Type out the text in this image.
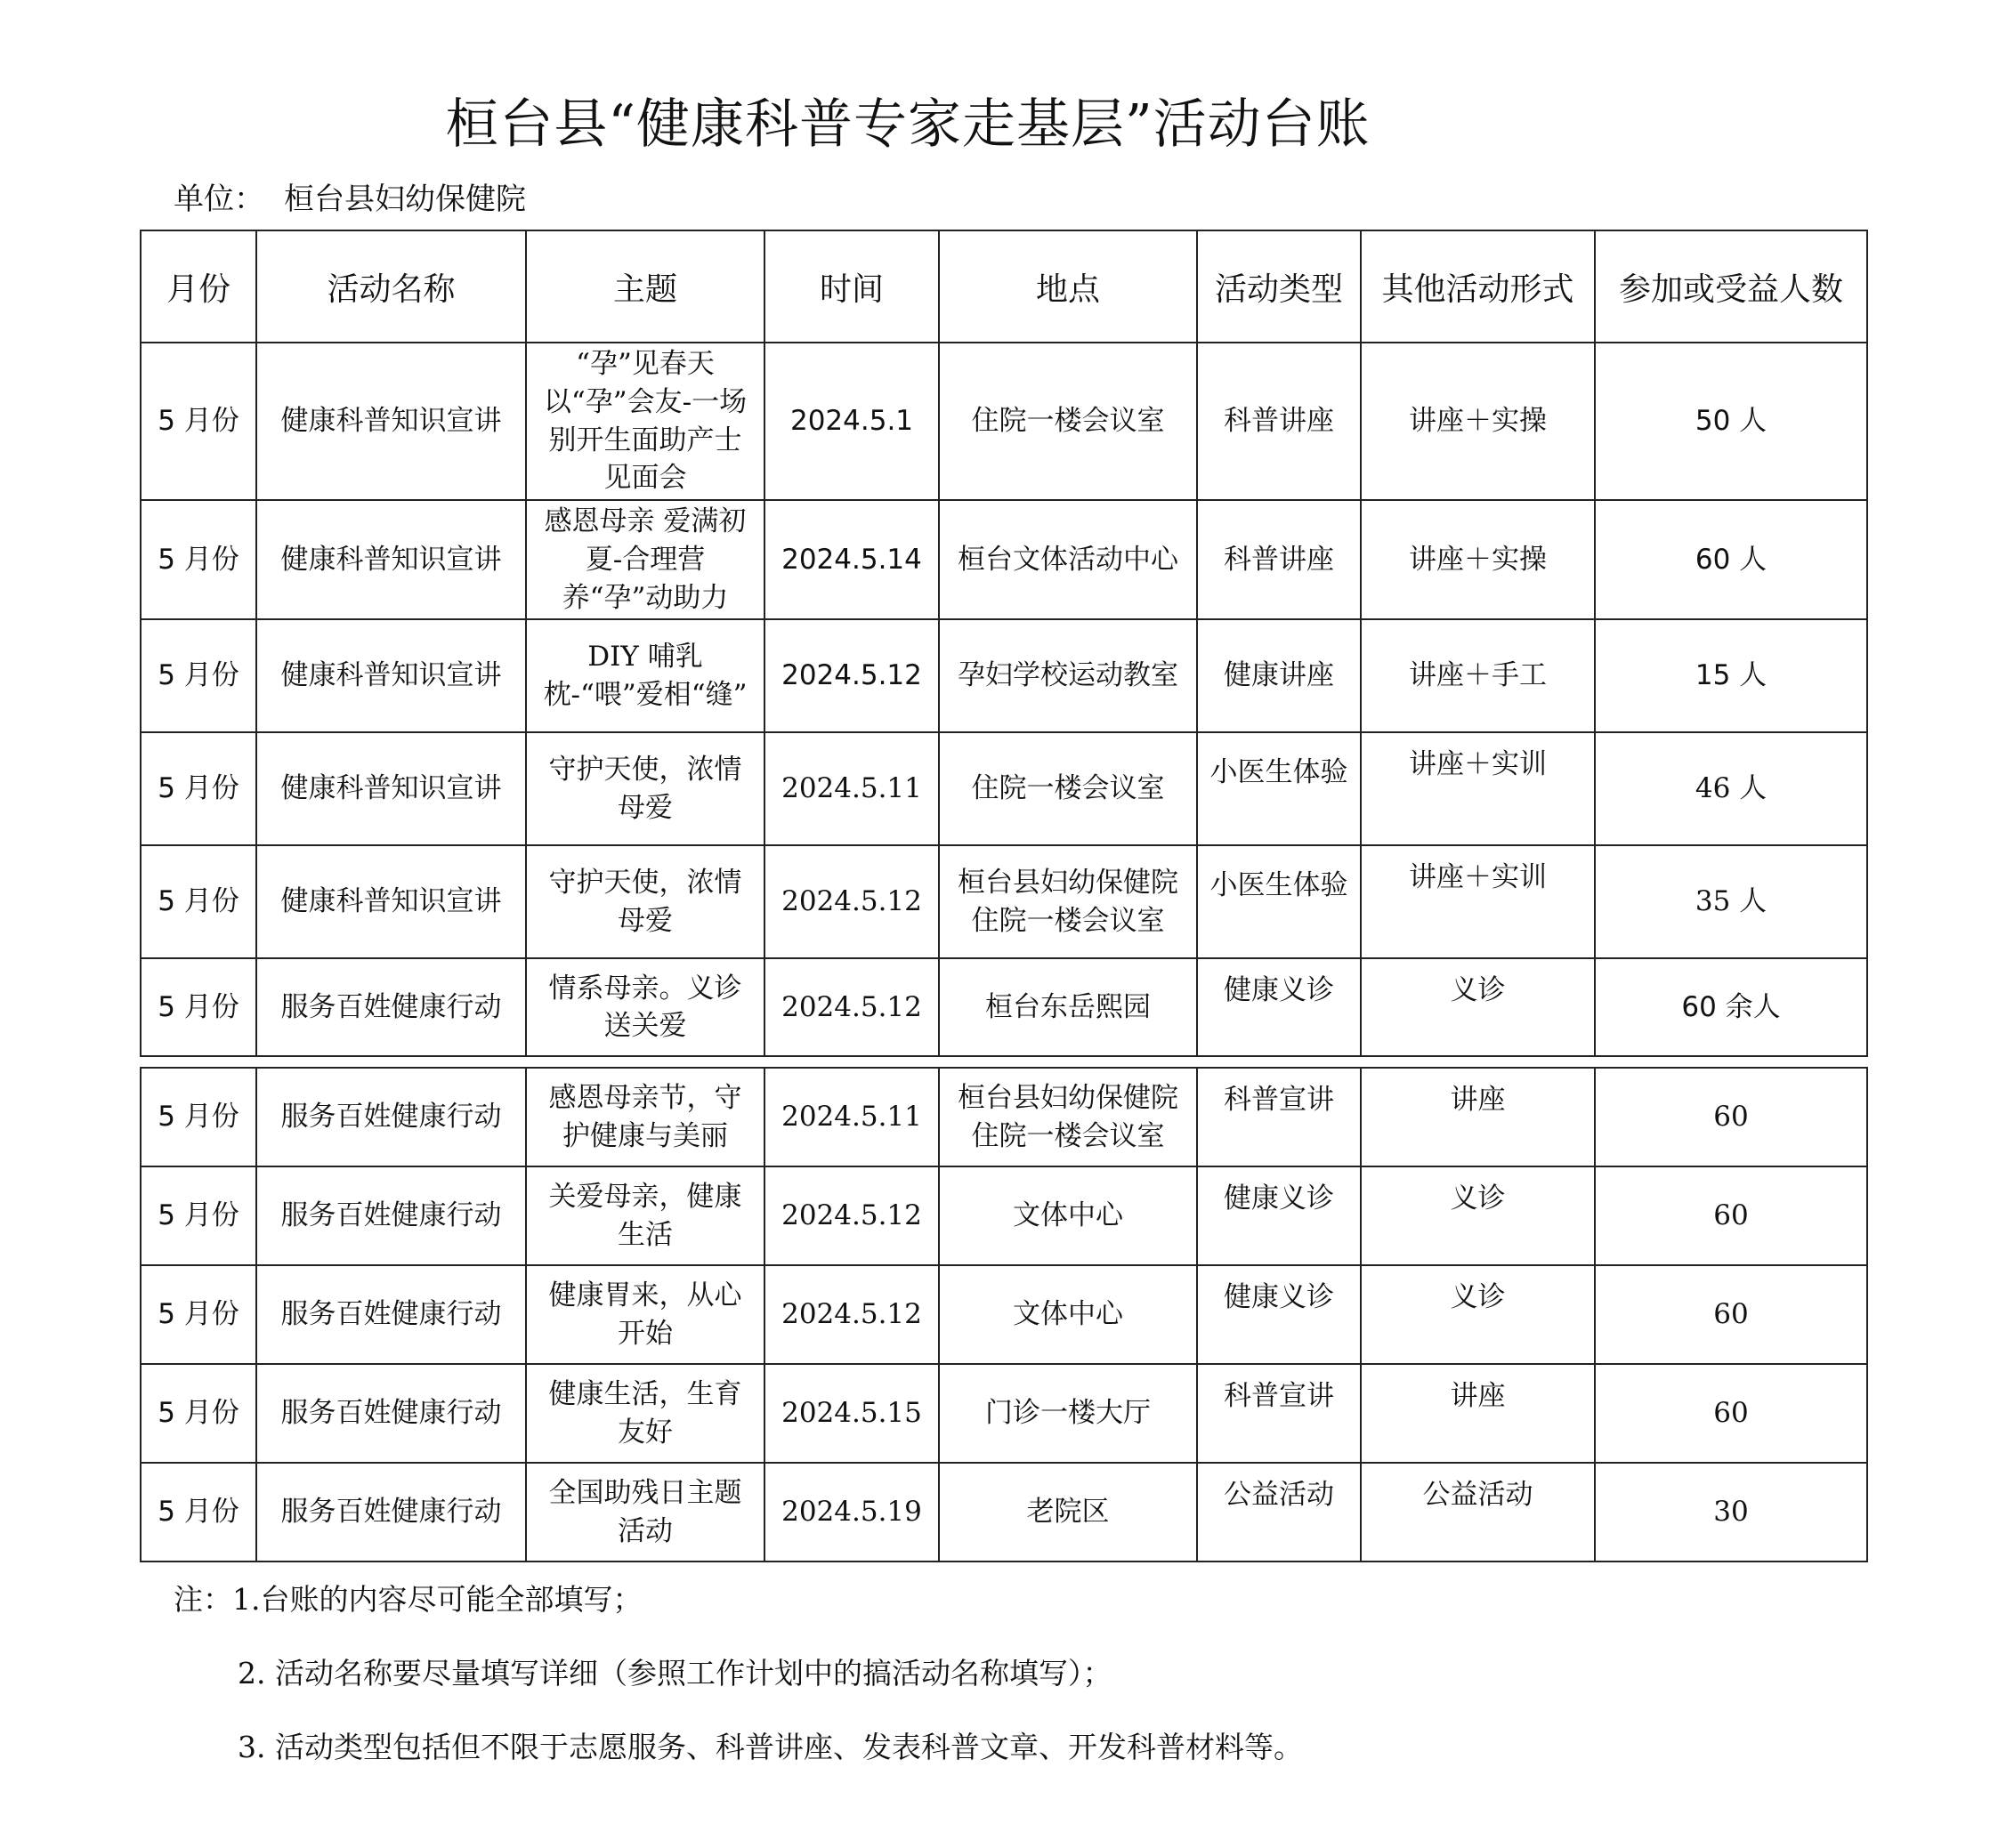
桓台县“健康科普专家走基层”活动台账
单位： 桓台县妇幼保健院
月份	活动名称	主题	时间	地点	活动类型	其他活动形式	参加或受益人数
5 月份	健康科普知识宣讲	“孕”见春天 以“孕”会友-一场别开生面助产士见面会	2024.5.1	住院一楼会议室	科普讲座	讲座＋实操	50 人
5 月份	健康科普知识宣讲	感恩母亲 爱满初夏-合理营养“孕”动助力	2024.5.14	桓台文体活动中心	科普讲座	讲座＋实操	60 人
5 月份	健康科普知识宣讲	DIY 哺乳枕-“喂”爱相“缝”	2024.5.12	孕妇学校运动教室	健康讲座	讲座＋手工	15 人
5 月份	健康科普知识宣讲	守护天使，浓情母爱	2024.5.11	住院一楼会议室	小医生体验	讲座＋实训	46 人
5 月份	健康科普知识宣讲	守护天使，浓情母爱	2024.5.12	桓台县妇幼保健院住院一楼会议室	小医生体验	讲座＋实训	35 人
5 月份	服务百姓健康行动	情系母亲。义诊送关爱	2024.5.12	桓台东岳熙园	健康义诊	义诊	60 余人
5 月份	服务百姓健康行动	感恩母亲节，守护健康与美丽	2024.5.11	桓台县妇幼保健院住院一楼会议室	科普宣讲	讲座	60
5 月份	服务百姓健康行动	关爱母亲，健康生活	2024.5.12	文体中心	健康义诊	义诊	60
5 月份	服务百姓健康行动	健康胃来，从心开始	2024.5.12	文体中心	健康义诊	义诊	60
5 月份	服务百姓健康行动	健康生活，生育友好	2024.5.15	门诊一楼大厅	科普宣讲	讲座	60
5 月份	服务百姓健康行动	全国助残日主题活动	2024.5.19	老院区	公益活动	公益活动	30
注：1.台账的内容尽可能全部填写；
2. 活动名称要尽量填写详细（参照工作计划中的搞活动名称填写）；
3. 活动类型包括但不限于志愿服务、科普讲座、发表科普文章、开发科普材料等。
